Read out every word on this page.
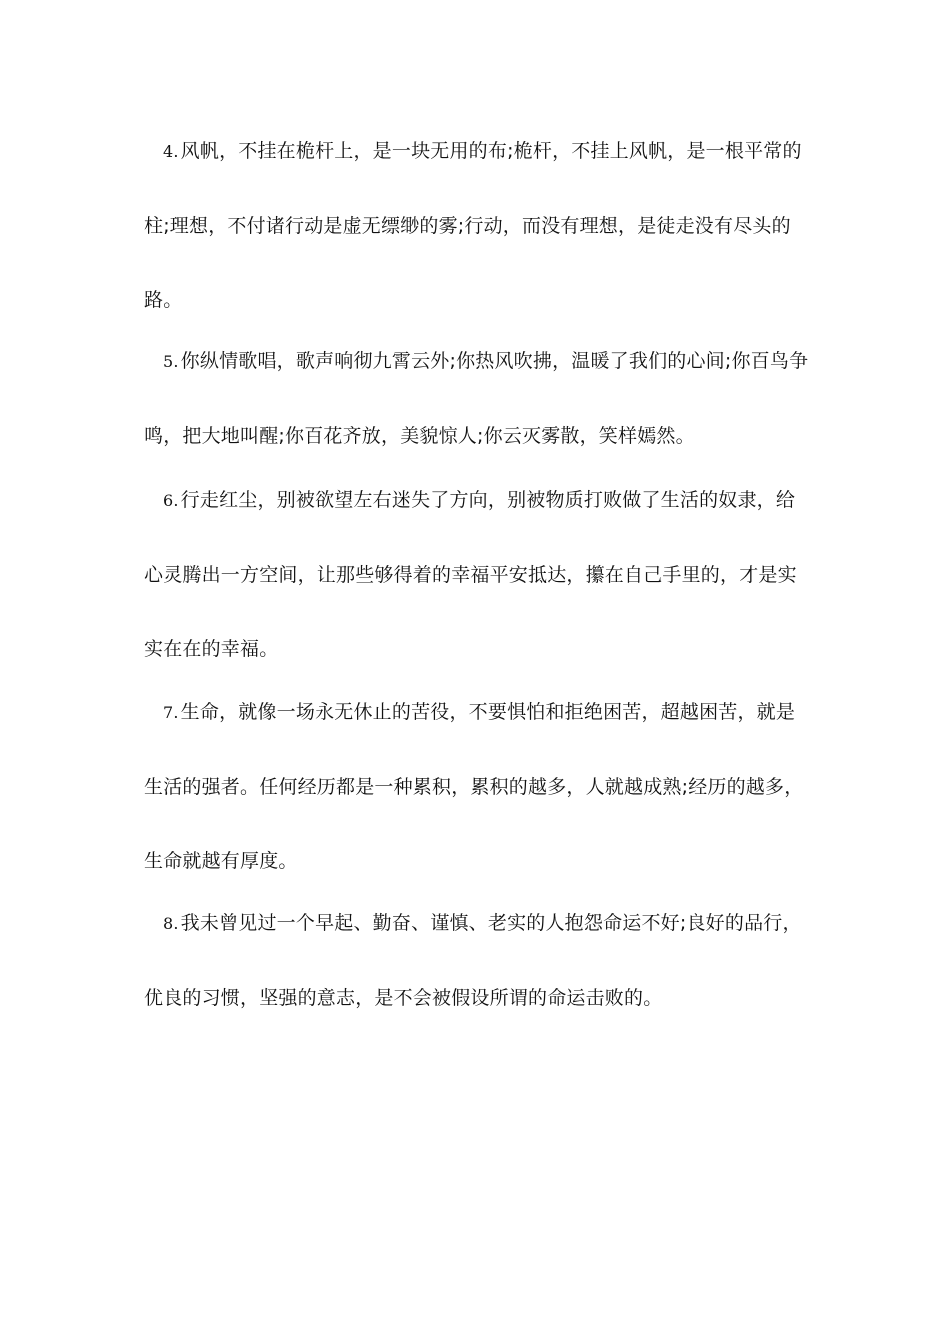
4. 风帆，不挂在桅杆上，是一块无用的布;桅杆，不挂上风帆，是一根平常的柱;理想，不付诸行动是虚无缥缈的雾;行动，而没有理想，是徒走没有尽头的路。

5. 你纵情歌唱，歌声响彻九霄云外;你热风吹拂，温暖了我们的心间;你百鸟争鸣，把大地叫醒;你百花齐放，美貌惊人;你云灭雾散，笑样嫣然。

6. 行走红尘，别被欲望左右迷失了方向，别被物质打败做了生活的奴隶，给心灵腾出一方空间，让那些够得着的幸福平安抵达，攥在自己手里的，才是实实在在的幸福。

7. 生命，就像一场永无休止的苦役，不要惧怕和拒绝困苦，超越困苦，就是生活的强者。任何经历都是一种累积，累积的越多，人就越成熟;经历的越多，生命就越有厚度。

8. 我未曾见过一个早起、勤奋、谨慎、老实的人抱怨命运不好;良好的品行，优良的习惯，坚强的意志，是不会被假设所谓的命运击败的。
